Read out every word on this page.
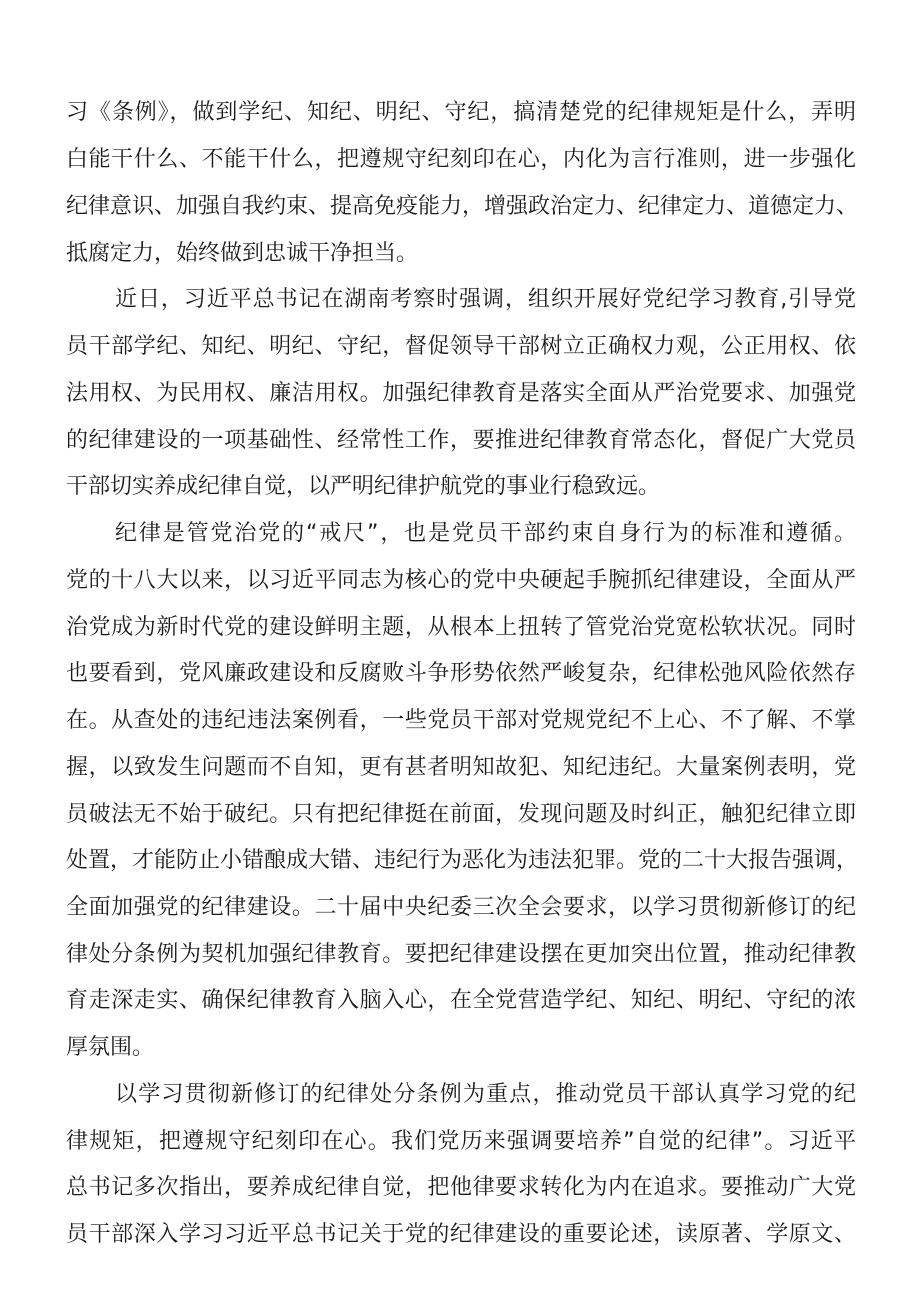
习《条例》，做到学纪、知纪、明纪、守纪，搞清楚党的纪律规矩是什么，弄明
白能干什么、不能干什么，把遵规守纪刻印在心，内化为言行准则，进一步强化
纪律意识、加强自我约束、提高免疫能力，增强政治定力、纪律定力、道德定力、
抵腐定力，始终做到忠诚干净担当。
近日，习近平总书记在湖南考察时强调，组织开展好党纪学习教育,引导党
员干部学纪、知纪、明纪、守纪，督促领导干部树立正确权力观，公正用权、依
法用权、为民用权、廉洁用权。加强纪律教育是落实全面从严治党要求、加强党
的纪律建设的一项基础性、经常性工作，要推进纪律教育常态化，督促广大党员
干部切实养成纪律自觉，以严明纪律护航党的事业行稳致远。
纪律是管党治党的“戒尺”，也是党员干部约束自身行为的标准和遵循。
党的十八大以来，以习近平同志为核心的党中央硬起手腕抓纪律建设，全面从严
治党成为新时代党的建设鲜明主题，从根本上扭转了管党治党宽松软状况。同时
也要看到，党风廉政建设和反腐败斗争形势依然严峻复杂，纪律松弛风险依然存
在。从查处的违纪违法案例看，一些党员干部对党规党纪不上心、不了解、不掌
握，以致发生问题而不自知，更有甚者明知故犯、知纪违纪。大量案例表明，党
员破法无不始于破纪。只有把纪律挺在前面，发现问题及时纠正，触犯纪律立即
处置，才能防止小错酿成大错、违纪行为恶化为违法犯罪。党的二十大报告强调，
全面加强党的纪律建设。二十届中央纪委三次全会要求，以学习贯彻新修订的纪
律处分条例为契机加强纪律教育。要把纪律建设摆在更加突出位置，推动纪律教
育走深走实、确保纪律教育入脑入心，在全党营造学纪、知纪、明纪、守纪的浓
厚氛围。
以学习贯彻新修订的纪律处分条例为重点，推动党员干部认真学习党的纪
律规矩，把遵规守纪刻印在心。我们党历来强调要培养”自觉的纪律”。习近平
总书记多次指出，要养成纪律自觉，把他律要求转化为内在追求。要推动广大党
员干部深入学习习近平总书记关于党的纪律建设的重要论述，读原著、学原文、
